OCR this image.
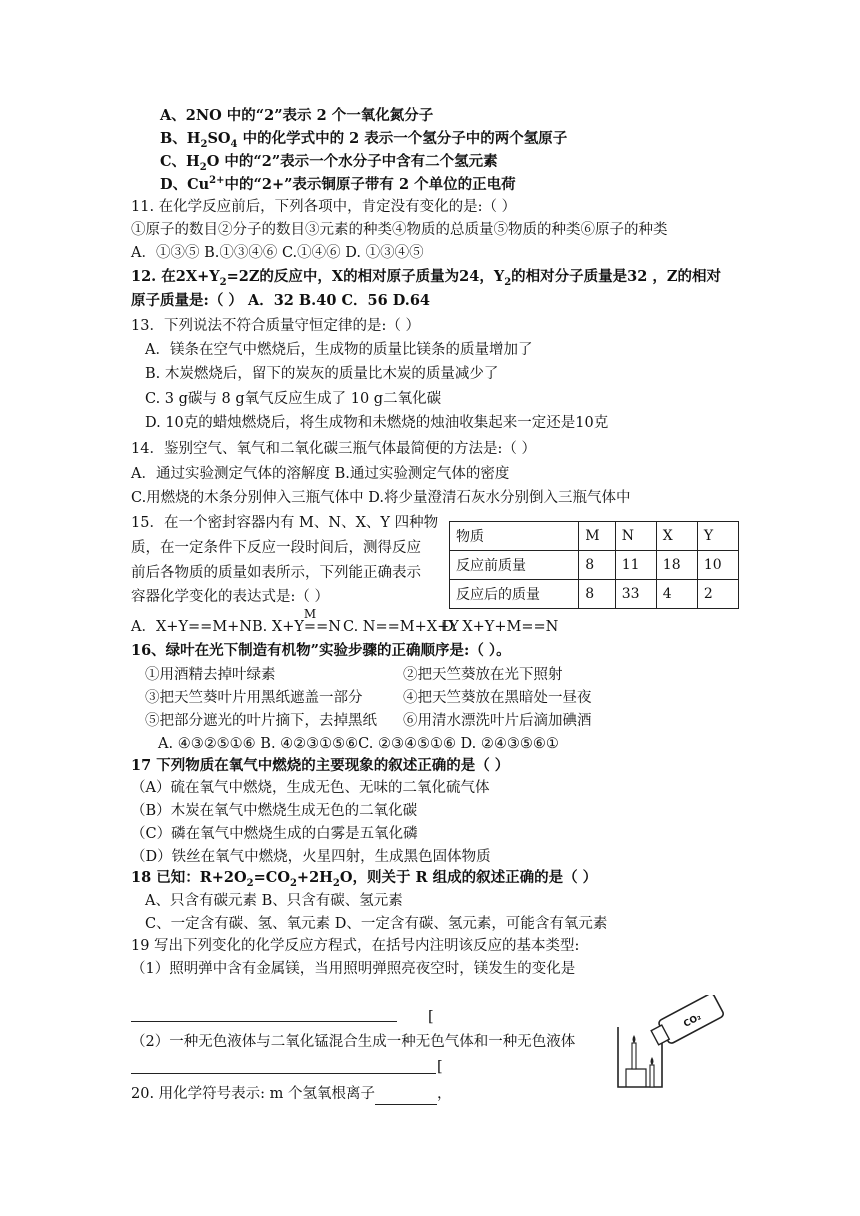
A、2NO 中的“2”表示 2 个一氧化氮分子
B、$H_2SO_4$ 中的化学式中的 2 表示一个氢分子中的两个氢原子
C、$H_2O$ 中的“2”表示一个水分子中含有二个氢元素
D、$Cu^{2+}$中的“2+”表示铜原子带有 2 个单位的正电荷
11. 在化学反应前后，下列各项中，肯定没有变化的是:（ ）
①原子的数目②分子的数目③元素的种类④物质的总质量⑤物质的种类⑥原子的种类
A．①③⑤ B.①③④⑥ C.①④⑥ D. ①③④⑤
12. 在$2X+Y_2=2Z$的反应中，X的相对原子质量为24，$Y_2$的相对分子质量是32 ，Z的相对
原子质量是:（ ） A．32 B.40 C．56 D.64
13．下列说法不符合质量守恒定律的是:（ ）
A．镁条在空气中燃烧后，生成物的质量比镁条的质量增加了
B. 木炭燃烧后，留下的炭灰的质量比木炭的质量减少了
C. 3 g碳与 8 g氧气反应生成了 10 g二氧化碳
D. 10克的蜡烛燃烧后，将生成物和未燃烧的烛油收集起来一定还是10克
14．鉴别空气、氧气和二氧化碳三瓶气体最简便的方法是:（ ）
A．通过实验测定气体的溶解度 B.通过实验测定气体的密度
C.用燃烧的木条分别伸入三瓶气体中 D.将少量澄清石灰水分别倒入三瓶气体中
15．在一个密封容器内有 M、N、X、Y 四种物
质，在一定条件下反应一段时间后，测得反应
前后各物质的质量如表所示，下列能正确表示
容器化学变化的表达式是:（ ）
物质	M	N	X	Y
反应前质量	8	11	18	10
反应后的质量	8	33	4	2
A．X+Y==M+N B. X+Y
M
==N C. N==M+X+Y
D. X+Y+M==N
16、绿叶在光下制造有机物”实验步骤的正确顺序是:（ ）。
①用酒精去掉叶绿素	②把天竺葵放在光下照射
③把天竺葵叶片用黑纸遮盖一部分	④把天竺葵放在黑暗处一昼夜
⑤把部分遮光的叶片摘下，去掉黑纸 ⑥用清水漂洗叶片后滴加碘酒
A. ④③②⑤①⑥ B. ④②③①⑤⑥C. ②③④⑤①⑥ D. ②④③⑤⑥①
17 下列物质在氧气中燃烧的主要现象的叙述正确的是（ ）
（A）硫在氧气中燃烧，生成无色、无味的二氧化硫气体
（B）木炭在氧气中燃烧生成无色的二氧化碳
（C）磷在氧气中燃烧生成的白雾是五氧化磷
（D）铁丝在氧气中燃烧，火星四射，生成黑色固体物质
18 已知：$R+2O_2=CO_2+2H_2O$，则关于 R 组成的叙述正确的是（ ）
A、只含有碳元素 B、只含有碳、氢元素
C、一定含有碳、氢、氧元素 D、一定含有碳、氢元素，可能含有氧元素
19 写出下列变化的化学反应方程式，在括号内注明该反应的基本类型:
（1）照明弹中含有金属镁，当用照明弹照亮夜空时，镁发生的变化是
[
（2）一种无色液体与二氧化锰混合生成一种无色气体和一种无色液体
[
20. 用化学符号表示: m 个氢氧根离子	，
CO₂
